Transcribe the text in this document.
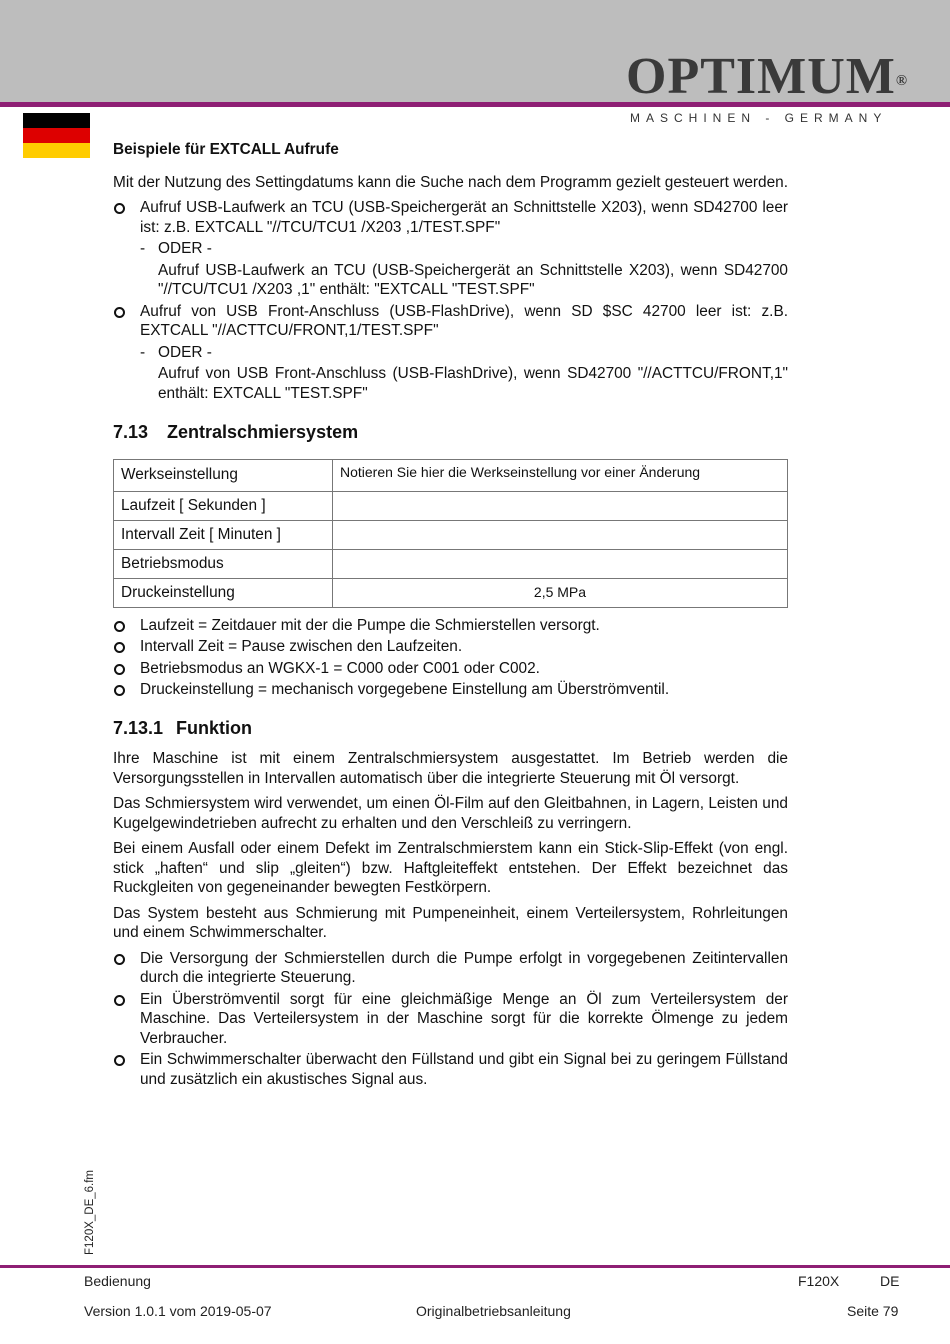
OPTIMUM®
MASCHINEN - GERMANY
Beispiele für EXTCALL Aufrufe

Mit der Nutzung des Settingdatums kann die Suche nach dem Programm gezielt gesteuert werden.

Aufruf USB-Laufwerk an TCU (USB-Speichergerät an Schnittstelle X203), wenn SD42700 leer ist: z.B. EXTCALL "//TCU/TCU1 /X203 ,1/TEST.SPF"
- ODER -
Aufruf USB-Laufwerk an TCU (USB-Speichergerät an Schnittstelle X203), wenn SD42700 "//TCU/TCU1 /X203 ,1" enthält: "EXTCALL "TEST.SPF"
Aufruf von USB Front-Anschluss (USB-FlashDrive), wenn SD $SC 42700 leer ist: z.B. EXTCALL "//ACTTCU/FRONT,1/TEST.SPF"
- ODER -
Aufruf von USB Front-Anschluss (USB-FlashDrive), wenn SD42700 "//ACTTCU/FRONT,1" enthält: EXTCALL "TEST.SPF"
7.13 Zentralschmiersystem
Werkseinstellung	Notieren Sie hier die Werkseinstellung vor einer Änderung
Laufzeit [ Sekunden ]	
Intervall Zeit [ Minuten ]	
Betriebsmodus	
Druckeinstellung	2,5 MPa
Laufzeit = Zeitdauer mit der die Pumpe die Schmierstellen versorgt.
Intervall Zeit = Pause zwischen den Laufzeiten.
Betriebsmodus an WGKX-1 = C000 oder C001 oder C002.
Druckeinstellung = mechanisch vorgegebene Einstellung am Überströmventil.
7.13.1 Funktion

Ihre Maschine ist mit einem Zentralschmiersystem ausgestattet. Im Betrieb werden die Versorgungsstellen in Intervallen automatisch über die integrierte Steuerung mit Öl versorgt.

Das Schmiersystem wird verwendet, um einen Öl-Film auf den Gleitbahnen, in Lagern, Leisten und Kugelgewindetrieben aufrecht zu erhalten und den Verschleiß zu verringern.

Bei einem Ausfall oder einem Defekt im Zentralschmierstem kann ein Stick-Slip-Effekt (von engl. stick „haften“ und slip „gleiten“) bzw. Haftgleiteffekt entstehen. Der Effekt bezeichnet das Ruckgleiten von gegeneinander bewegten Festkörpern.

Das System besteht aus Schmierung mit Pumpeneinheit, einem Verteilersystem, Rohrleitungen und einem Schwimmerschalter.

Die Versorgung der Schmierstellen durch die Pumpe erfolgt in vorgegebenen Zeitintervallen durch die integrierte Steuerung.
Ein Überströmventil sorgt für eine gleichmäßige Menge an Öl zum Verteilersystem der Maschine. Das Verteilersystem in der Maschine sorgt für die korrekte Ölmenge zu jedem Verbraucher.
Ein Schwimmerschalter überwacht den Füllstand und gibt ein Signal bei zu geringem Füllstand und zusätzlich ein akustisches Signal aus.
F120X_DE_6.fm
Bedienung	F120X	DE
Version 1.0.1 vom 2019-05-07	Originalbetriebsanleitung	Seite 79
